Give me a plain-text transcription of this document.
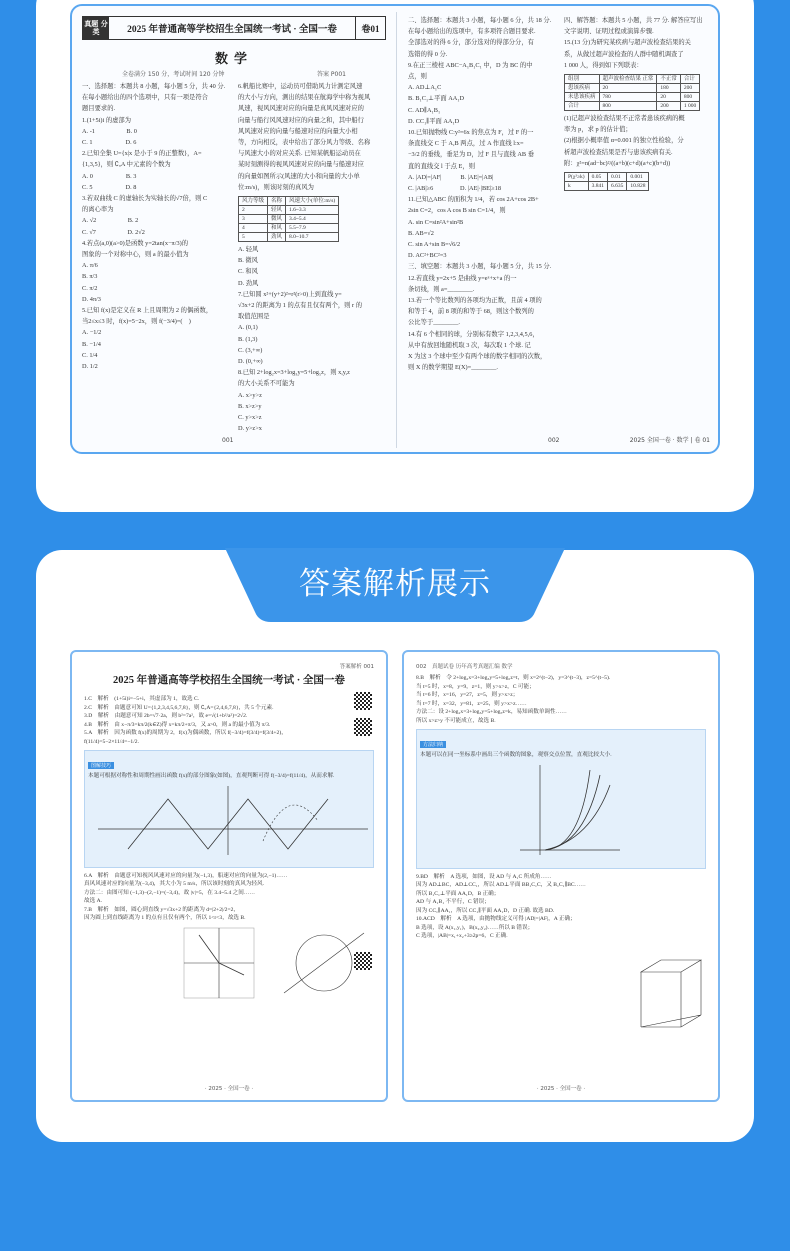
真题 分类	2025 年普通高等学校招生全国统一考试 · 全国一卷	卷01
数学
全卷满分 150 分，考试时间 120 分钟	答案 P001

一、选择题：本题共 8 小题，每小题 5 分，共 40 分.

在每小题给出的四个选项中，只有一项是符合

题目要求的.

1.(1+5i)i 的虚部为

A. -1　　　　　B. 0

C. 1　　　　　 D. 6

2.已知全集 U={x|x 是小于 9 的正整数}，A=

{1,3,5}，则 ∁ᵤA 中元素的个数为

A. 0　　　　　 B. 3

C. 5　　　　　 D. 8

3.若双曲线 C 的虚轴长为实轴长的√7倍，则 C

的离心率为

A. √2　　　　　B. 2

C. √7　　　　　D. 2√2

4.若点(a,0)(a>0)是函数 y=2tan(x−π/3)的

图象的一个对称中心，则 a 的最小值为

A. π/6　　　　　

B. π/3

C. π/2

D. 4π/3

5.已知 f(x)是定义在 R 上且周期为 2 的偶函数，

当2≤x≤3 时，f(x)=5−2x，则 f(−3/4)=(　)

A. −1/2

B. −1/4

C. 1/4

D. 1/2

6.帆船比赛中，运动员可借助风力计测定风速

的大小与方向，测出的结果在航海学中称为视风

风速，视风风速对应的向量是真风风速对应的

向量与船行风风速对应的向量之和，其中船行

风风速对应的向量与船速对应的向量大小相

等，方向相反，表中给出了部分风力等级、名称

与风速大小的对应关系. 已知某帆船运动员在

某时刻测得的视风风速对应的向量与船速对应

的向量如图所示(风速的大小和向量的大小单

位:m/s)，则该时刻的真风为

风力等级	名称	风速大小(单位:m/s)
2	轻风	1.6~3.3
3	微风	3.4~5.4
4	和风	5.5~7.9
5	劲风	8.0~10.7

A. 轻风

B. 微风

C. 和风

D. 劲风

7.已知圆 x²+(y+2)²=r²(r>0)上到直线 y=

√3x+2 的距离为 1 的点有且仅有两个，则 r 的

取值范围是

A. (0,1)

B. (1,3)

C. (3,+∞)

D. (0,+∞)

8.已知 2+log₂x=3+log₃y=5+log₅z，则 x,y,z

的大小关系不可能为

A. x>y>z

B. x>z>y

C. y>x>z

D. y>z>x

001

二、选择题：本题共 3 小题，每小题 6 分，共 18 分.

在每小题给出的选项中，有多项符合题目要求.

全部选对的得 6 分，部分选对的得部分分，有

选错的得 0 分.

9.在正三棱柱 ABC−A₁B₁C₁ 中，D 为 BC 的中

点，则

A. AD⊥A₁C

B. B₁C₁⊥平面 AA₁D

C. AD∥A₁B₁

D. CC₁∥平面 AA₁D

10.已知抛物线 C:y²=6x 的焦点为 F，过 F 的一

条直线交 C 于 A,B 两点，过 A 作直线 l:x=

−3/2 的垂线，垂足为 D，过 F 且与直线 AB 垂

直的直线交 l 于点 E，则

A. |AD|=|AF|　　　B. |AE|=|AB|

C. |AB|≥6　　　　 D. |AE|·|BE|≥18

11.已知△ABC 的面积为 1/4，若 cos 2A+cos 2B+

2sin C=2，cos A cos B sin C=1/4，则

A. sin C=sin²A+sin²B

B. AB=√2

C. sin A+sin B=√6/2

D. AC²+BC²=3

三、填空题：本题共 3 小题，每小题 5 分，共 15 分.

12.若直线 y=2x+5 是曲线 y=eˣ+x+a 的一

条切线，则 a=________.

13.若一个等比数列的各项均为正数，且前 4 项的

和等于 4，前 8 项的和等于 68，则这个数列的

公比等于________.

14.有 6 个相同的球，分别标有数字 1,2,3,4,5,6，

从中有放回地随机取 3 次，每次取 1 个球. 记

X 为这 3 个球中至少有两个球的数字相同的次数，

则 X 的数学期望 E(X)=________.

四、解答题：本题共 5 小题，共 77 分. 解答应写出

文字说明、证明过程或演算步骤.

15.(13 分)为研究某疾病与超声波检查结果的关

系，从做过超声波检查的人群中随机调查了

1 000 人，得到如下列联表：

组别	超声波检查结果 正常	不正常	合计
患该疾病	20	180	200
未患该疾病	780	20	800
合计	800	200	1 000

(1)记超声波检查结果不正常者患该疾病的概

率为 p，求 p 的估计值；

(2)根据小概率值 α=0.001 的独立性检验，分

析超声波检查结果是否与患该疾病有关.

附：χ²=n(ad−bc)²/((a+b)(c+d)(a+c)(b+d))

P(χ²≥k)	0.05	0.01	0.001
k	3.841	6.635	10.828
002	2025 全国一卷 · 数学 | 卷 01
答案解析 001
2025 年普通高等学校招生全国统一考试 · 全国一卷
1.C　解析　(1+5i)i=−5+i，其虚部为 1，故选 C.
2.C　解析　由题意可知 U={1,2,3,4,5,6,7,8}，则 ∁ᵤA={2,4,6,7,8}，共 5 个元素.
3.D　解析　由题意可知 2b=√7·2a，则 b²=7a²，故 e=√(1+b²/a²)=2√2.
4.B　解析　由 x−π/3=kπ/2(k∈Z)得 x=kπ/2+π/3，又 a>0，则 a 的最小值为 π/3.
5.A　解析　因为函数 f(x)的周期为 2，f(x)为偶函数，所以 f(−3/4)=f(3/4)=f(3/4+2)，
f(11/4)=5−2×11/4=−1/2.
图解技巧
本题可根据对称性和周期性画出函数 f(x)的部分图象(如图)，直观判断可得 f(−3/4)=f(11/4)，从而求解.
6.A　解析　由题意可知视风风速对应的向量为(−1,3)，船速对应的向量为(2,−1)……
真风风速对应的向量为(−3,4)，其大小为 5 m/s，所以该时刻的真风为轻风.
方法二：由图可知 (−1,3)−(2,−1)=(−3,4)，故 |v|=5，在 3.4~5.4 之间……
故选 A.
7.B　解析　如图，圆心到直线 y=√3x+2 的距离为 d=|2+2|/2=2，
因为圆上到直线距离为 1 的点有且仅有两个，所以 1<r<3，故选 B.
· 2025 · 全国一卷 ·
002　真题试卷 历年高考真题汇编 数学
8.B　解析　令 2+log₂x=3+log₃y=5+log₅z=t，则 x=2^(t−2)，y=3^(t−3)，z=5^(t−5).
当 t=5 时，x=8，y=9，z=1，则 y>x>z，C 可能；
当 t=6 时，x=16，y=27，z=5，则 y>x>z；
当 t=7 时，x=32，y=81，z=25，则 y>x>z……
方法二：设 2+log₂x=3+log₃y=5+log₅z=k，易知函数单调性……
所以 x>z>y 不可能成立，故选 B.
方法归纳
本题可以在同一坐标系中画出三个函数的图象，观察交点位置，直观比较大小.
9.BD　解析　A 选项，如图，设 AD 与 A₁C 所成角……
因为 AD⊥BC，AD⊥CC₁，所以 AD⊥平面 BB₁C₁C，又 B₁C₁∥BC……
所以 B₁C₁⊥平面 AA₁D，B 正确；
AD 与 A₁B₁ 不平行，C 错误；
因为 CC₁∥AA₁，所以 CC₁∥平面 AA₁D，D 正确. 故选 BD.
10.ACD　解析　A 选项，由抛物线定义可得 |AD|=|AF|，A 正确；
B 选项，设 A(x₁,y₁)，B(x₂,y₂)……所以 B 错误；
C 选项，|AB|=x₁+x₂+3≥2p=6，C 正确.
· 2025 · 全国一卷 ·
答案解析展示
